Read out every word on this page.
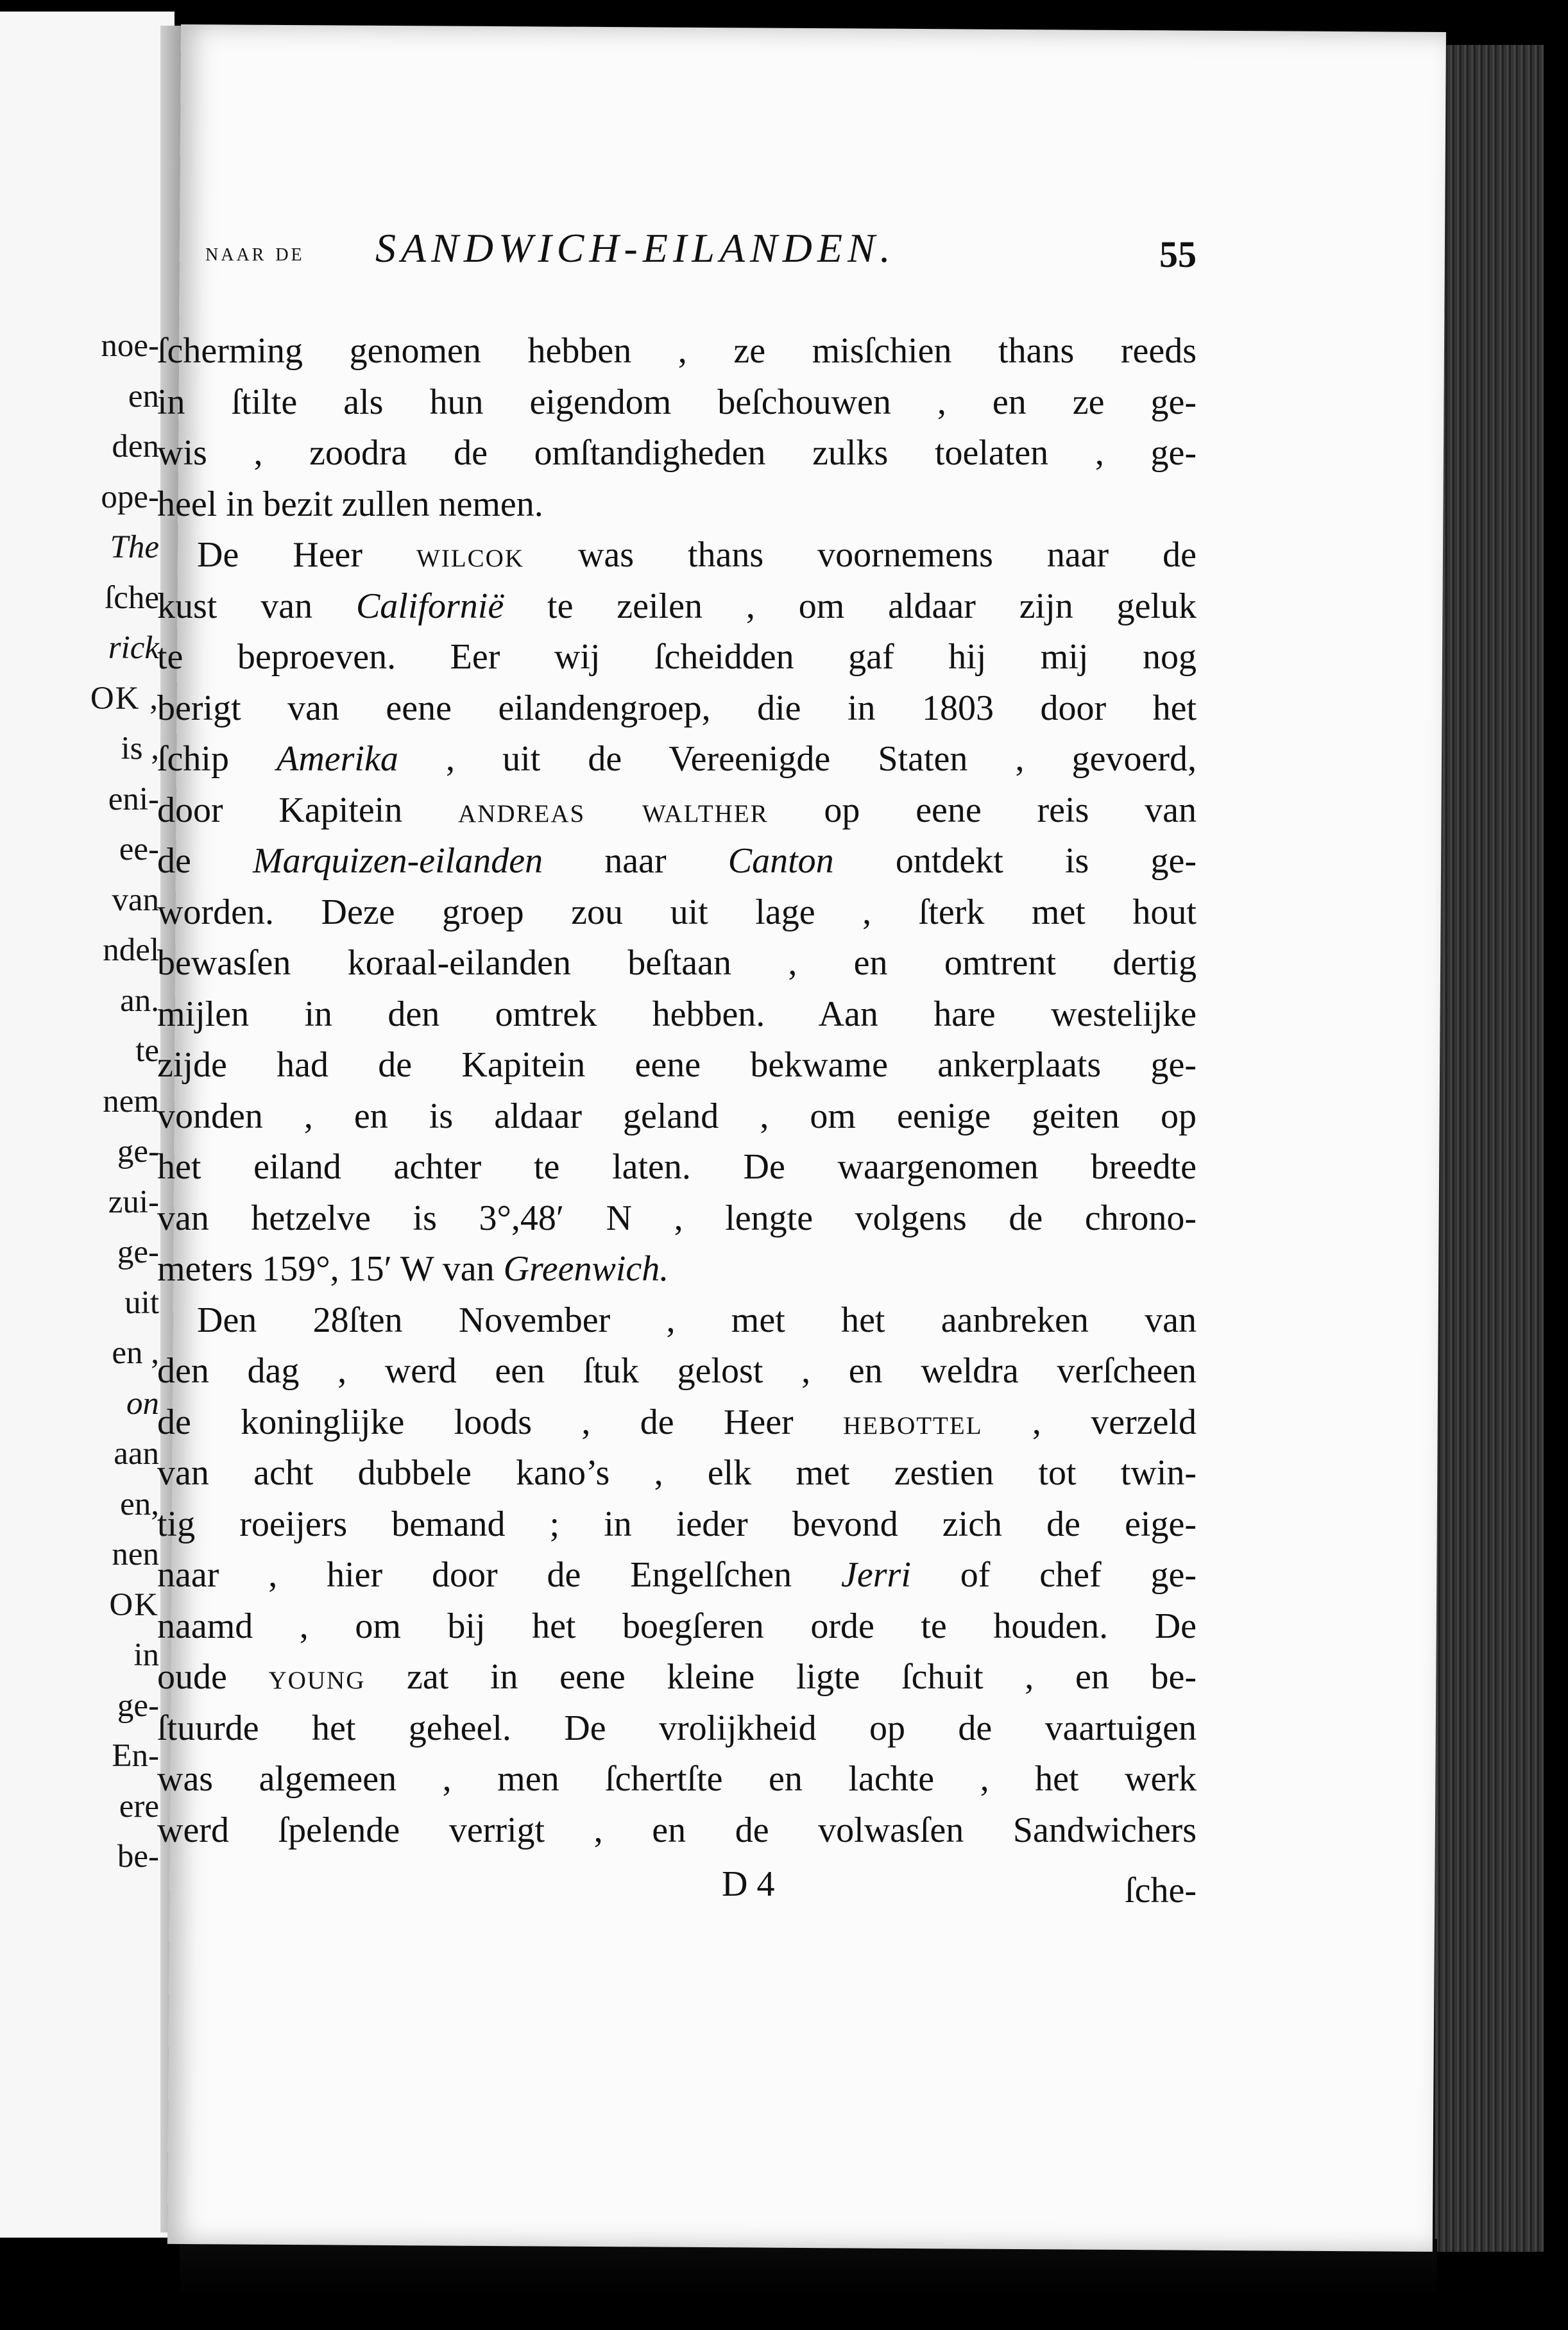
noe-
en
den
ope-
The
ſche
rick
OK ,
is ,
eni-
ee-
van
ndel
an.
te
nem
ge-
zui-
ge-
uit
en ,
on
aan
en,
nen
OK
in
ge-
En-
ere
be-
naar de SANDWICH-EILANDEN.	55
ſcherming genomen hebben , ze misſchien thans reeds
in ſtilte als hun eigendom beſchouwen , en ze ge-
wis , zoodra de omſtandigheden zulks toelaten , ge-
heel in bezit zullen nemen.
De Heer wilcok was thans voornemens naar de
kust van Californië te zeilen , om aldaar zijn geluk
te beproeven. Eer wij ſcheidden gaf hij mij nog
berigt van eene eilandengroep, die in 1803 door het
ſchip Amerika , uit de Vereenigde Staten , gevoerd,
door Kapitein andreas walther op eene reis van
de Marquizen-eilanden naar Canton ontdekt is ge-
worden. Deze groep zou uit lage , ſterk met hout
bewasſen koraal-eilanden beſtaan , en omtrent dertig
mijlen in den omtrek hebben. Aan hare westelijke
zijde had de Kapitein eene bekwame ankerplaats ge-
vonden , en is aldaar geland , om eenige geiten op
het eiland achter te laten. De waargenomen breedte
van hetzelve is 3°,48′ N , lengte volgens de chrono-
meters 159°, 15′ W van Greenwich.
Den 28ſten November , met het aanbreken van
den dag , werd een ſtuk gelost , en weldra verſcheen
de koninglijke loods , de Heer hebottel , verzeld
van acht dubbele kano’s , elk met zestien tot twin-
tig roeijers bemand ; in ieder bevond zich de eige-
naar , hier door de Engelſchen Jerri of chef ge-
naamd , om bij het boegſeren orde te houden. De
oude young zat in eene kleine ligte ſchuit , en be-
ſtuurde het geheel. De vrolijkheid op de vaartuigen
was algemeen , men ſchertſte en lachte , het werk
werd ſpelende verrigt , en de volwasſen Sandwichers
D 4	ſche-
